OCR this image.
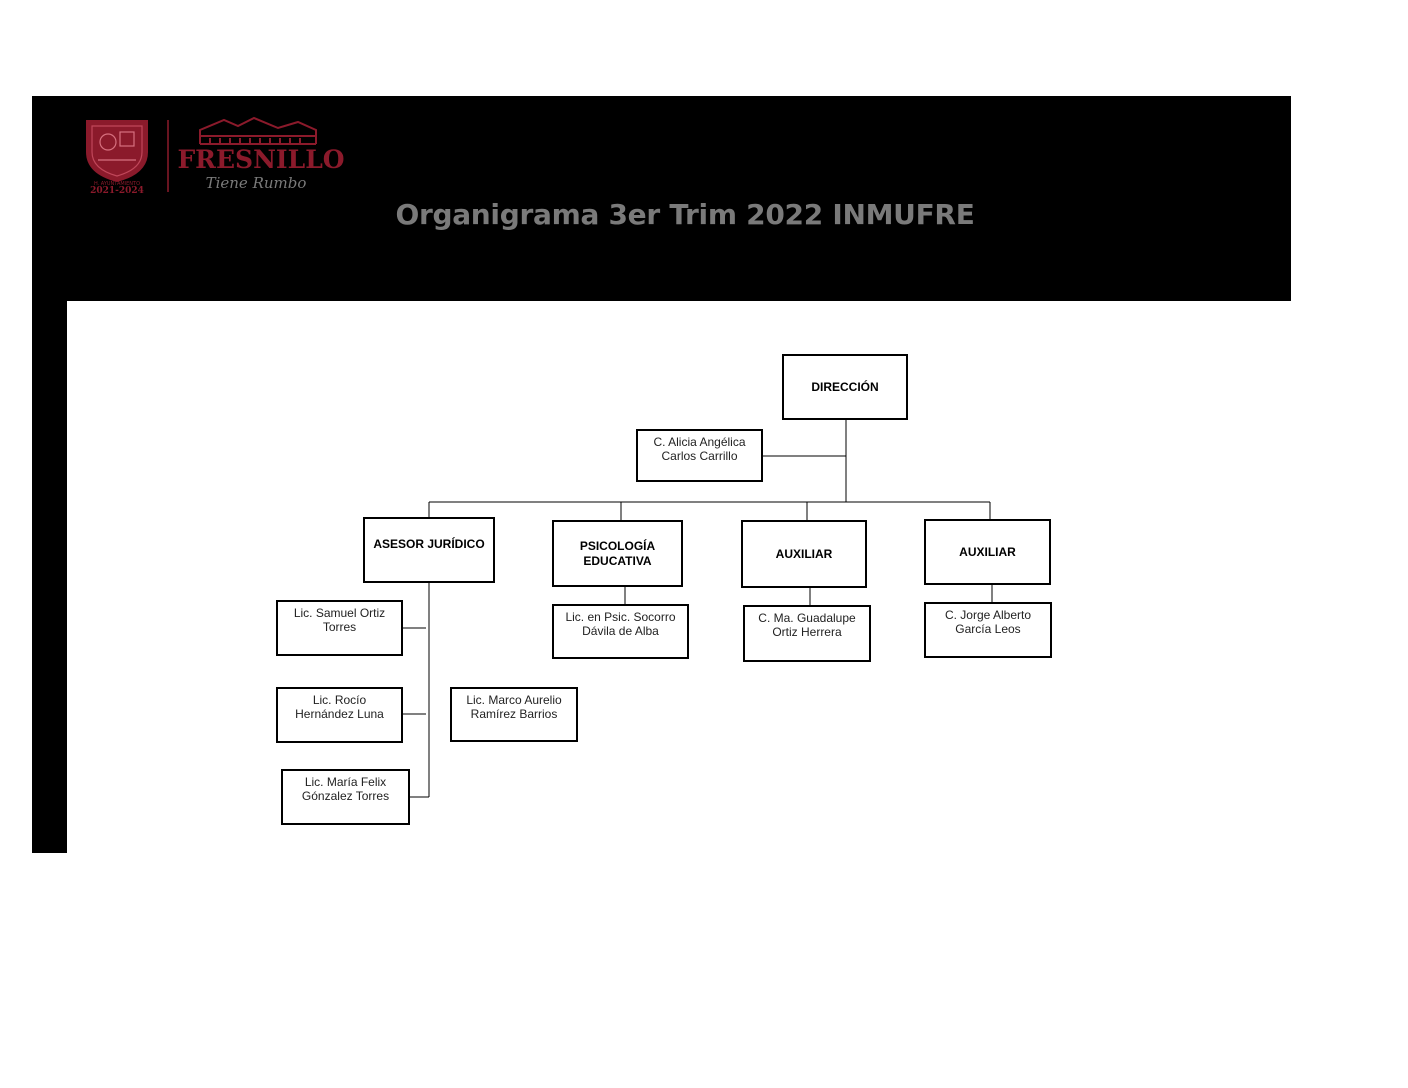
H. AYUNTAMIENTO
2021-2024
FRESNILLO
Tiene Rumbo
Organigrama 3er Trim 2022 INMUFRE
DIRECCIÓN
C. Alicia Angélica
Carlos Carrillo
ASESOR JURÍDICO	PSICOLOGÍA
EDUCATIVA	AUXILIAR	AUXILIAR
Lic. Samuel Ortiz
Torres
Lic. Rocío
Hernández Luna
Lic. María Felix
Gónzalez Torres
Lic. Marco Aurelio
Ramírez Barrios
Lic. en Psic. Socorro
Dávila de Alba
C. Ma. Guadalupe
Ortiz Herrera
C. Jorge Alberto
García Leos
